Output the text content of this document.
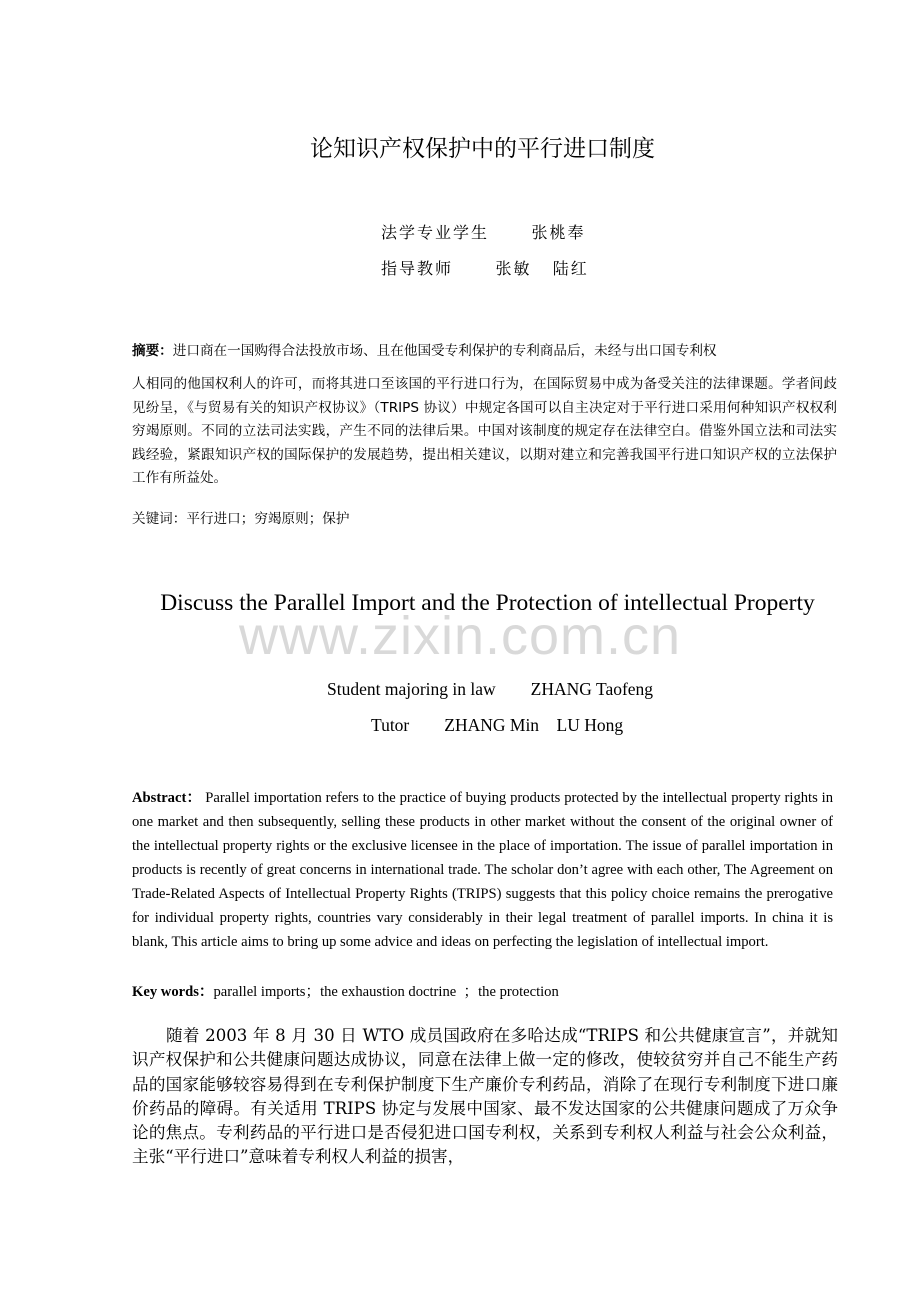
论知识产权保护中的平行进口制度
法学专业学生	张桃奉
指导教师	张敏   陆红
摘要：进口商在一国购得合法投放市场、且在他国受专利保护的专利商品后，未经与出口国专利权
人相同的他国权利人的许可，而将其进口至该国的平行进口行为，在国际贸易中成为备受关注的法律课题。学者间歧见纷呈，《与贸易有关的知识产权协议》（TRIPS 协议）中规定各国可以自主决定对于平行进口采用何种知识产权权利穷竭原则。不同的立法司法实践，产生不同的法律后果。中国对该制度的规定存在法律空白。借鉴外国立法和司法实践经验，紧跟知识产权的国际保护的发展趋势，提出相关建议，以期对建立和完善我国平行进口知识产权的立法保护工作有所益处。
关键词：平行进口；穷竭原则；保护
www.zixin.com.cn
Discuss the Parallel Import and the Protection of intellectual Property
Student majoring in law ZHANG Taofeng
Tutor ZHANG Min    LU Hong
Abstract： Parallel importation refers to the practice of buying products protected by the intellectual property rights in one market and then subsequently, selling these products in other market without the consent of the original owner of the intellectual property rights or the exclusive licensee in the place of importation. The issue of parallel importation in products is recently of great concerns in international trade. The scholar don’t agree with each other, The Agreement on Trade-Related Aspects of Intellectual Property Rights (TRIPS) suggests that this policy choice remains the prerogative for individual property rights, countries vary considerably in their legal treatment of parallel imports. In china it is blank, This article aims to bring up some advice and ideas on perfecting the legislation of intellectual import.
Key words：parallel imports；the exhaustion doctrine  ；the protection
随着 2003 年 8 月 30 日 WTO 成员国政府在多哈达成“TRIPS 和公共健康宣言”，并就知识产权保护和公共健康问题达成协议，同意在法律上做一定的修改，使较贫穷并自己不能生产药品的国家能够较容易得到在专利保护制度下生产廉价专利药品，消除了在现行专利制度下进口廉价药品的障碍。有关适用 TRIPS 协定与发展中国家、最不发达国家的公共健康问题成了万众争论的焦点。专利药品的平行进口是否侵犯进口国专利权，关系到专利权人利益与社会公众利益，主张“平行进口”意味着专利权人利益的损害，
